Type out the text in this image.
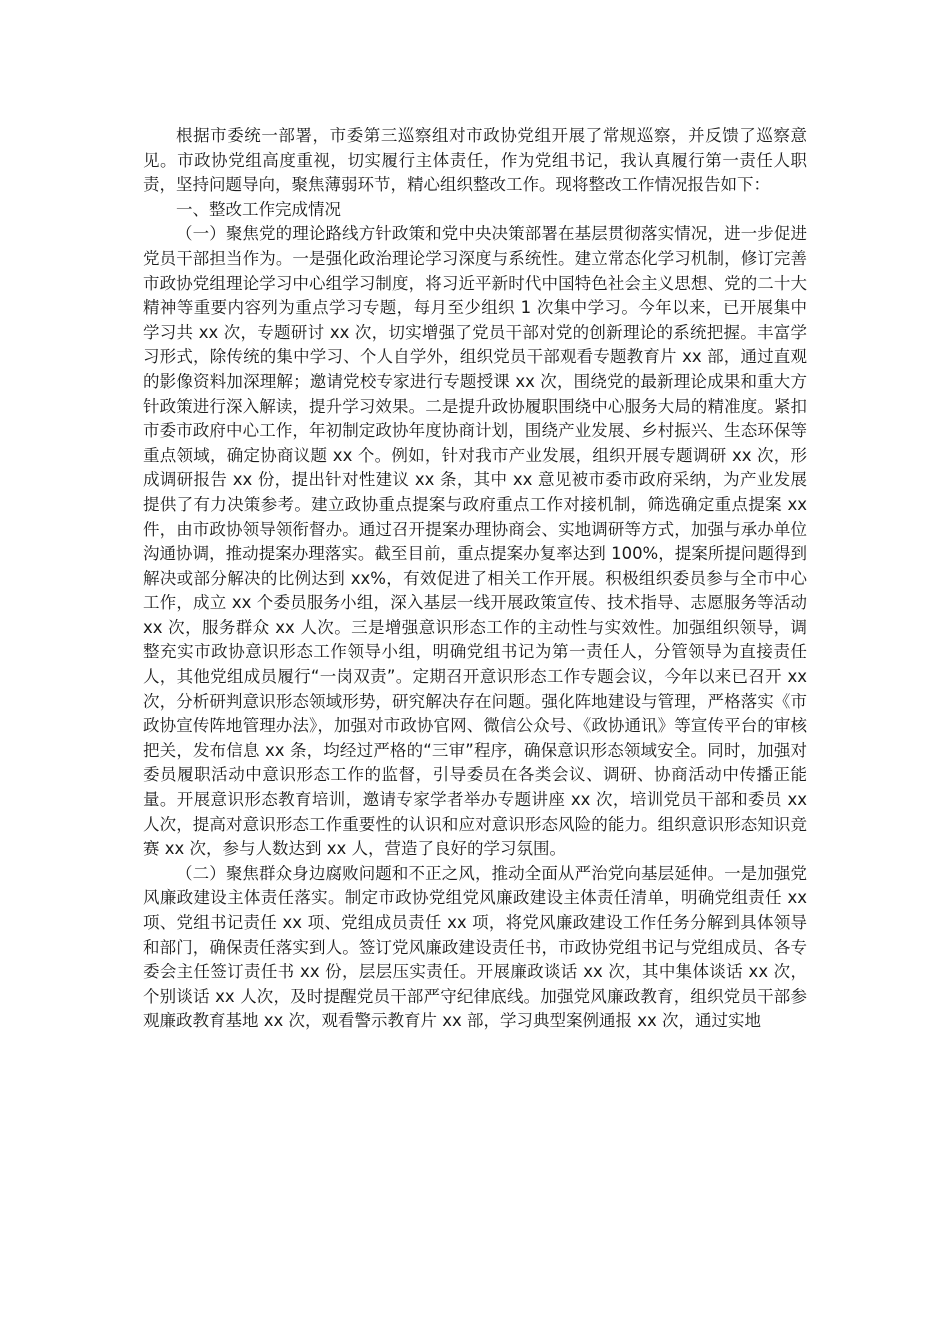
根据市委统一部署，市委第三巡察组对市政协党组开展了常规巡察，并反馈了巡察意见。市政协党组高度重视，切实履行主体责任，作为党组书记，我认真履行第一责任人职责，坚持问题导向，聚焦薄弱环节，精心组织整改工作。现将整改工作情况报告如下：

一、整改工作完成情况

（一）聚焦党的理论路线方针政策和党中央决策部署在基层贯彻落实情况，进一步促进党员干部担当作为。一是强化政治理论学习深度与系统性。建立常态化学习机制，修订完善市政协党组理论学习中心组学习制度，将习近平新时代中国特色社会主义思想、党的二十大精神等重要内容列为重点学习专题，每月至少组织 1 次集中学习。今年以来，已开展集中学习共 xx 次，专题研讨 xx 次，切实增强了党员干部对党的创新理论的系统把握。丰富学习形式，除传统的集中学习、个人自学外，组织党员干部观看专题教育片 xx 部，通过直观的影像资料加深理解；邀请党校专家进行专题授课 xx 次，围绕党的最新理论成果和重大方针政策进行深入解读，提升学习效果。二是提升政协履职围绕中心服务大局的精准度。紧扣市委市政府中心工作，年初制定政协年度协商计划，围绕产业发展、乡村振兴、生态环保等重点领域，确定协商议题 xx 个。例如，针对我市产业发展，组织开展专题调研 xx 次，形成调研报告 xx 份，提出针对性建议 xx 条，其中 xx 意见被市委市政府采纳，为产业发展提供了有力决策参考。建立政协重点提案与政府重点工作对接机制，筛选确定重点提案 xx 件，由市政协领导领衔督办。通过召开提案办理协商会、实地调研等方式，加强与承办单位沟通协调，推动提案办理落实。截至目前，重点提案办复率达到 100%，提案所提问题得到解决或部分解决的比例达到 xx%，有效促进了相关工作开展。积极组织委员参与全市中心工作，成立 xx 个委员服务小组，深入基层一线开展政策宣传、技术指导、志愿服务等活动 xx 次，服务群众 xx 人次。三是增强意识形态工作的主动性与实效性。加强组织领导，调整充实市政协意识形态工作领导小组，明确党组书记为第一责任人，分管领导为直接责任人，其他党组成员履行“一岗双责”。定期召开意识形态工作专题会议，今年以来已召开 xx 次，分析研判意识形态领域形势，研究解决存在问题。强化阵地建设与管理，严格落实《市政协宣传阵地管理办法》，加强对市政协官网、微信公众号、《政协通讯》等宣传平台的审核把关，发布信息 xx 条，均经过严格的“三审”程序，确保意识形态领域安全。同时，加强对委员履职活动中意识形态工作的监督，引导委员在各类会议、调研、协商活动中传播正能量。开展意识形态教育培训，邀请专家学者举办专题讲座 xx 次，培训党员干部和委员 xx 人次，提高对意识形态工作重要性的认识和应对意识形态风险的能力。组织意识形态知识竞赛 xx 次，参与人数达到 xx 人，营造了良好的学习氛围。

（二）聚焦群众身边腐败问题和不正之风，推动全面从严治党向基层延伸。一是加强党风廉政建设主体责任落实。制定市政协党组党风廉政建设主体责任清单，明确党组责任 xx 项、党组书记责任 xx 项、党组成员责任 xx 项，将党风廉政建设工作任务分解到具体领导和部门，确保责任落实到人。签订党风廉政建设责任书，市政协党组书记与党组成员、各专委会主任签订责任书 xx 份，层层压实责任。开展廉政谈话 xx 次，其中集体谈话 xx 次，个别谈话 xx 人次，及时提醒党员干部严守纪律底线。加强党风廉政教育，组织党员干部参观廉政教育基地 xx 次，观看警示教育片 xx 部，学习典型案例通报 xx 次，通过实地
